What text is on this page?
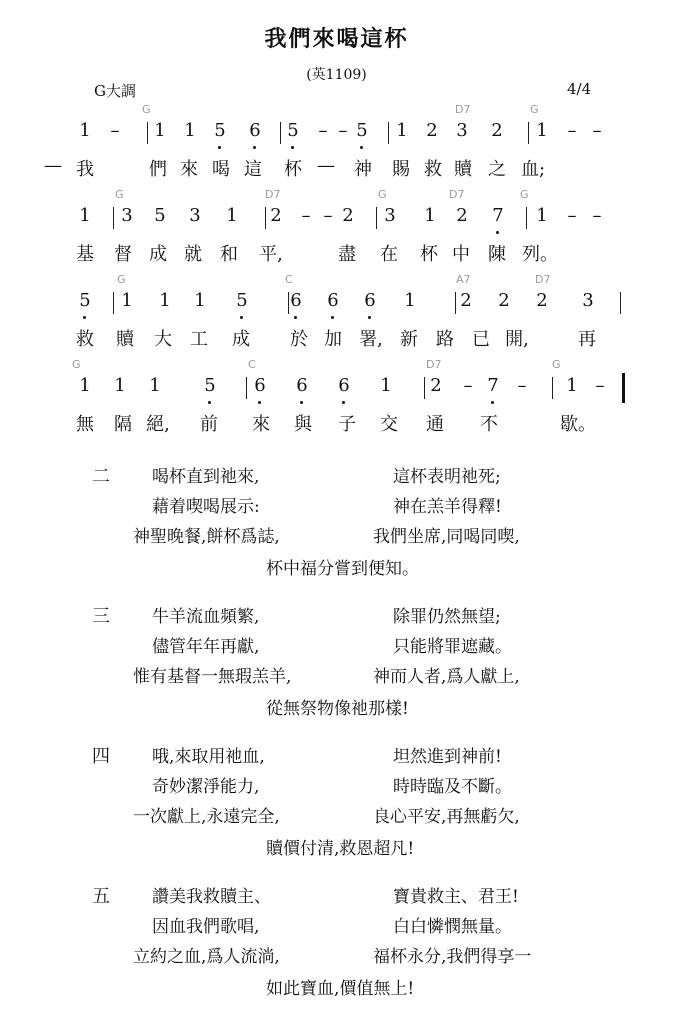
我們來喝這杯
(英1109)
G大調	4/4
G	D7	G
1	–	1 1 5 6 5	– – 5 1 2 3 2 1	– –
— 我	們 來 喝 這 杯 — 神 賜 救 贖 之 血;
G	D7	G	D7	G
1 3 5 3 1 2	– – 2 3 1 2 7 1	– –
基 督 成 就 和 平,	盡 在 杯 中 陳 列。
G	C	A7	D7
5 1 1 1 5 6 6 6 1 2 2 2 3
救 贖 大 工 成 於 加 署, 新 路 已 開,	再
G	C	D7	G
1 1 1 5 6 6 6 1 2	– 7	–	1 –
無 隔 絕, 前 來 與 子 交 通 不	歇。
二 喝杯直到祂來,	這杯表明祂死;
藉着喫喝展示:	神在羔羊得釋!
神聖晚餐,餅杯爲誌,	我們坐席,同喝同喫,
杯中福分嘗到便知。
三 牛羊流血頻繁,	除罪仍然無望;
儘管年年再獻,	只能將罪遮藏。
惟有基督一無瑕羔羊,	神而人者,爲人獻上,
從無祭物像祂那樣!
四 哦,來取用祂血,	坦然進到神前!
奇妙潔淨能力,	時時臨及不斷。
一次獻上,永遠完全,	良心平安,再無虧欠,
贖價付清,救恩超凡!
五 讚美我救贖主、	寶貴救主、君王!
因血我們歌唱,	白白憐憫無量。
立約之血,爲人流淌,	福杯永分,我們得享一
如此寶血,價值無上!
